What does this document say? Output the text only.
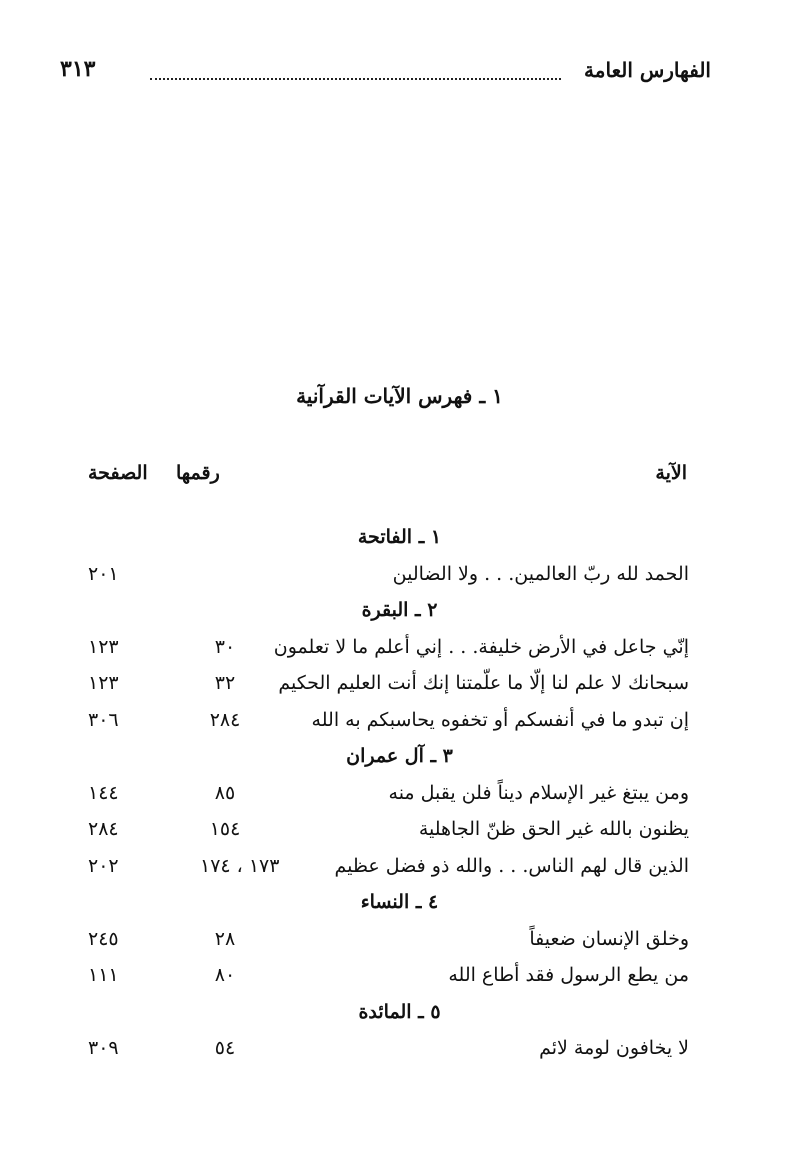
الفهارس العامة
٣١٣
١ ـ فهرس الآيات القرآنية
الآية
رقمها
الصفحة
١ ـ الفاتحة
الحمد لله ربّ العالمين. . . ولا الضالين
٢٠١
٢ ـ البقرة
إنّي جاعل في الأرض خليفة. . . إني أعلم ما لا تعلمون
٣٠
١٢٣
سبحانك لا علم لنا إلّا ما علّمتنا إنك أنت العليم الحكيم
٣٢
١٢٣
إن تبدو ما في أنفسكم أو تخفوه يحاسبكم به الله
٢٨٤
٣٠٦
٣ ـ آل عمران
ومن يبتغ غير الإسلام ديناً فلن يقبل منه
٨٥
١٤٤
يظنون بالله غير الحق ظنّ الجاهلية
١٥٤
٢٨٤
الذين قال لهم الناس. . . والله ذو فضل عظيم
١٧٣ ، ١٧٤
٢٠٢
٤ ـ النساء
وخلق الإنسان ضعيفاً
٢٨
٢٤٥
من يطع الرسول فقد أطاع الله
٨٠
١١١
٥ ـ المائدة
لا يخافون لومة لائم
٥٤
٣٠٩
